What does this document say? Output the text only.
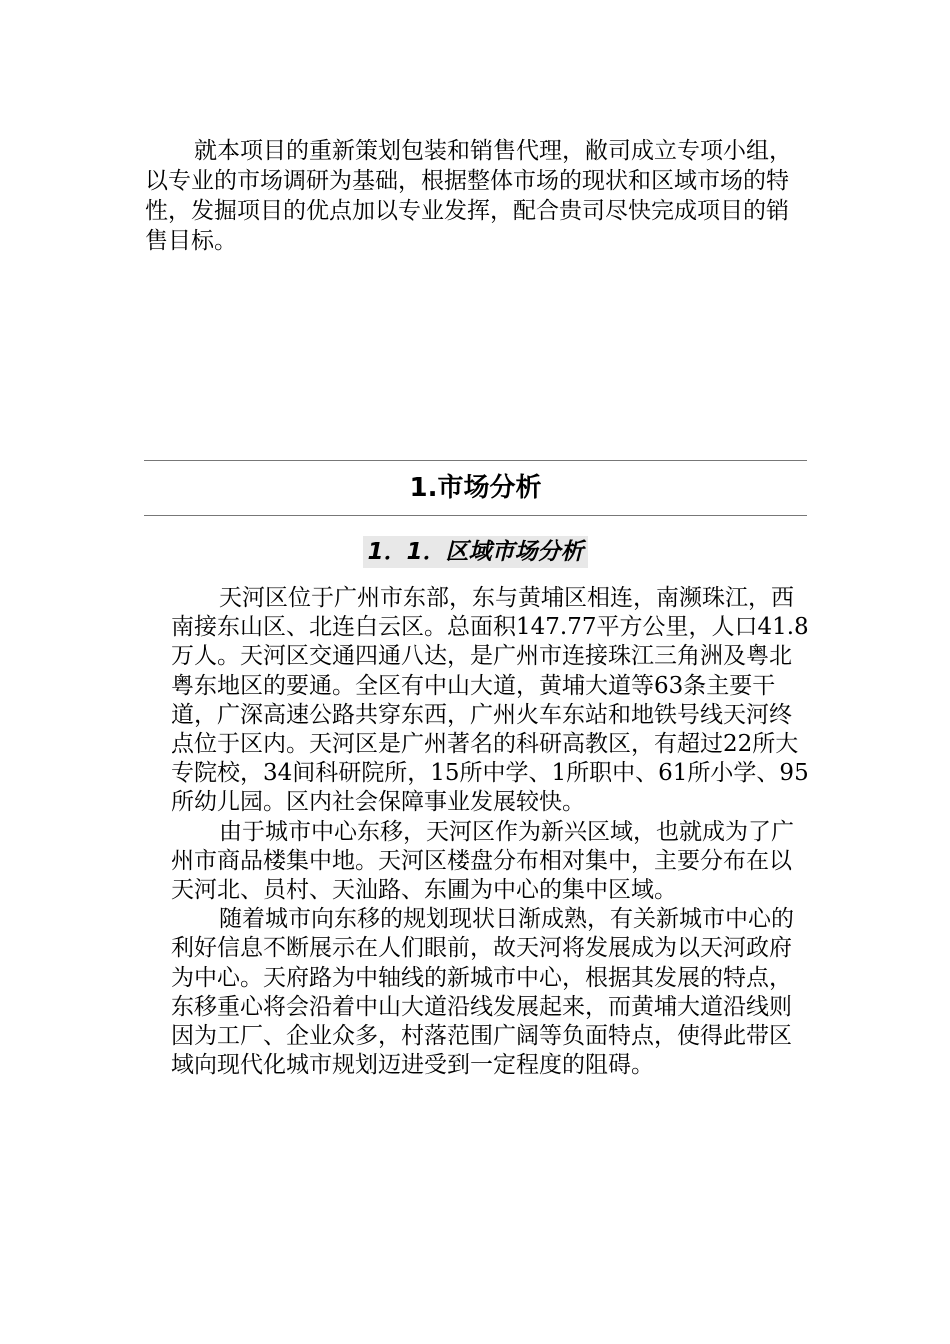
就本项目的重新策划包装和销售代理，敝司成立专项小组，以专业的市场调研为基础，根据整体市场的现状和区域市场的特性，发掘项目的优点加以专业发挥，配合贵司尽快完成项目的销售目标。

1.市场分析
1．1．区域市场分析

天河区位于广州市东部，东与黄埔区相连，南濒珠江，西南接东山区、北连白云区。总面积147.77平方公里，人口41.8万人。天河区交通四通八达，是广州市连接珠江三角洲及粤北粤东地区的要通。全区有中山大道，黄埔大道等63条主要干道，广深高速公路共穿东西，广州火车东站和地铁号线天河终点位于区内。天河区是广州著名的科研高教区，有超过22所大专院校，34间科研院所，15所中学、1所职中、61所小学、95所幼儿园。区内社会保障事业发展较快。

由于城市中心东移，天河区作为新兴区域，也就成为了广州市商品楼集中地。天河区楼盘分布相对集中，主要分布在以天河北、员村、天汕路、东圃为中心的集中区域。

随着城市向东移的规划现状日渐成熟，有关新城市中心的利好信息不断展示在人们眼前，故天河将发展成为以天河政府为中心。天府路为中轴线的新城市中心，根据其发展的特点，东移重心将会沿着中山大道沿线发展起来，而黄埔大道沿线则因为工厂、企业众多，村落范围广阔等负面特点，使得此带区域向现代化城市规划迈进受到一定程度的阻碍。
